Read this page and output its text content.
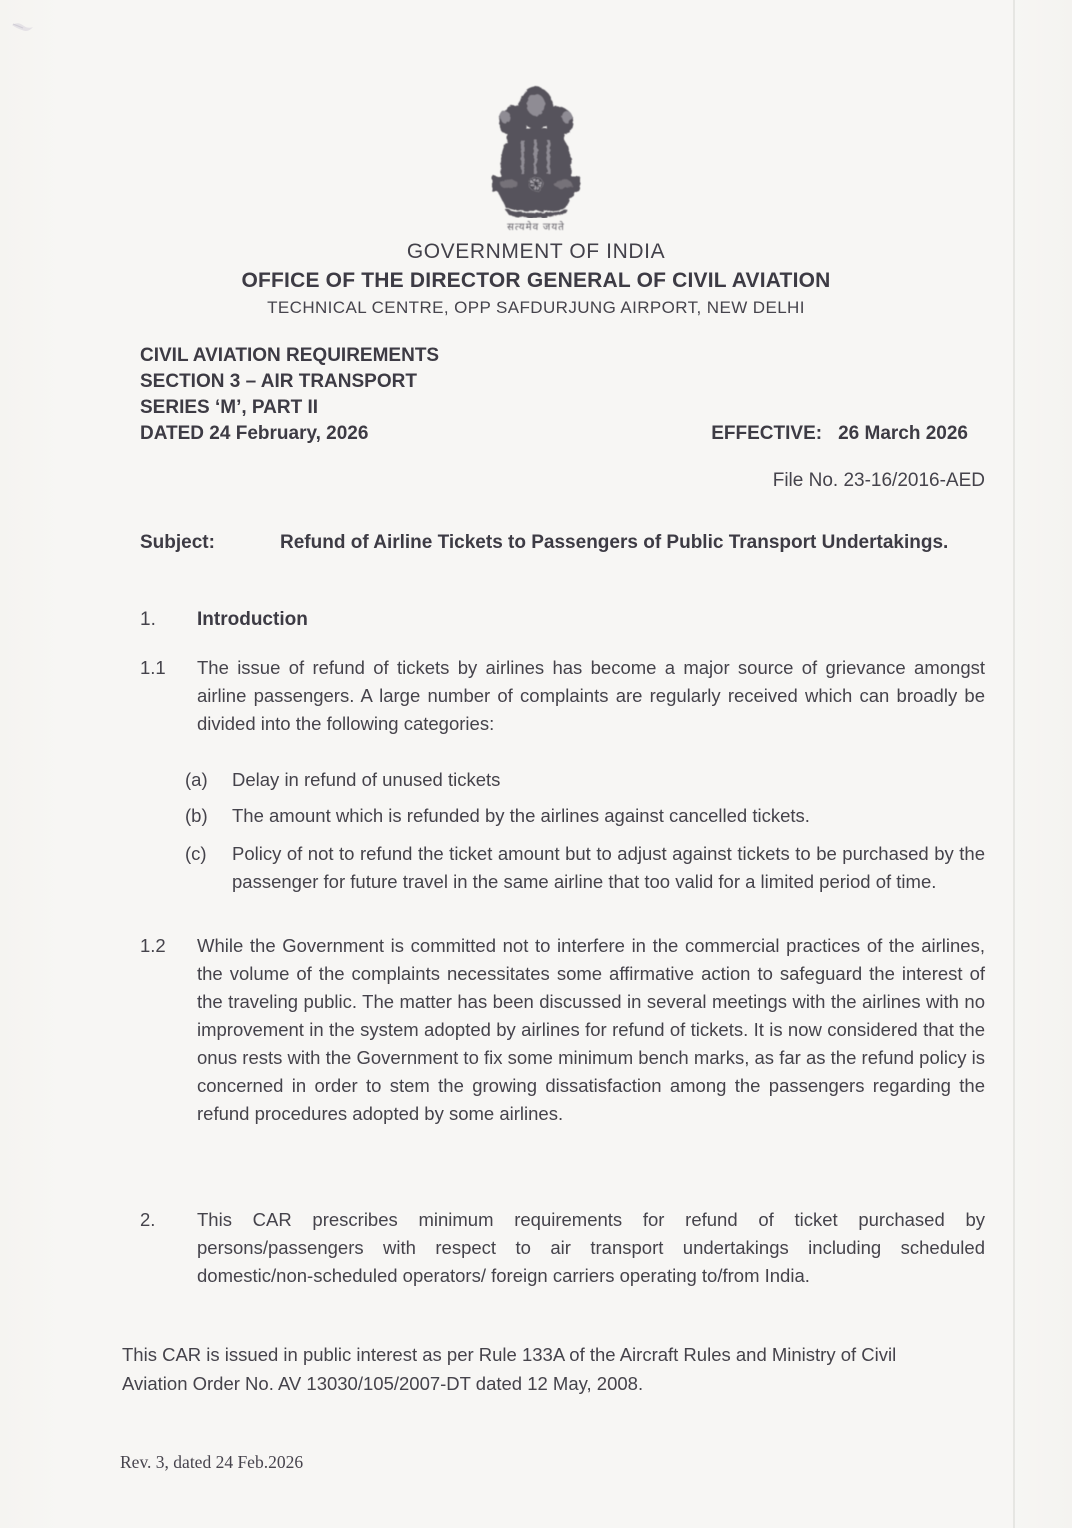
सत्यमेव जयते
GOVERNMENT OF INDIA
OFFICE OF THE DIRECTOR GENERAL OF CIVIL AVIATION
TECHNICAL CENTRE, OPP SAFDURJUNG AIRPORT, NEW DELHI
CIVIL AVIATION REQUIREMENTS
SECTION 3 – AIR TRANSPORT
SERIES ‘M’, PART II
DATED 24 February, 2026	EFFECTIVE: 26 March 2026
File No. 23-16/2016-AED
Subject:	Refund of Airline Tickets to Passengers of Public Transport Undertakings.
1.	Introduction
1.1	The issue of refund of tickets by airlines has become a major source of grievance amongst airline passengers. A large number of complaints are regularly received which can broadly be divided into the following categories:
(a)	Delay in refund of unused tickets
(b)	The amount which is refunded by the airlines against cancelled tickets.
(c)	Policy of not to refund the ticket amount but to adjust against tickets to be purchased by the passenger for future travel in the same airline that too valid for a limited period of time.
1.2	While the Government is committed not to interfere in the commercial practices of the airlines, the volume of the complaints necessitates some affirmative action to safeguard the interest of the traveling public. The matter has been discussed in several meetings with the airlines with no improvement in the system adopted by airlines for refund of tickets. It is now considered that the onus rests with the Government to fix some minimum bench marks, as far as the refund policy is concerned in order to stem the growing dissatisfaction among the passengers regarding the refund procedures adopted by some airlines.
2.	This CAR prescribes minimum requirements for refund of ticket purchased by persons/passengers with respect to air transport undertakings including scheduled domestic/non-scheduled operators/ foreign carriers operating to/from India.
This CAR is issued in public interest as per Rule 133A of the Aircraft Rules and Ministry of Civil Aviation Order No. AV 13030/105/2007-DT dated 12 May, 2008.
Rev. 3, dated 24 Feb.2026
